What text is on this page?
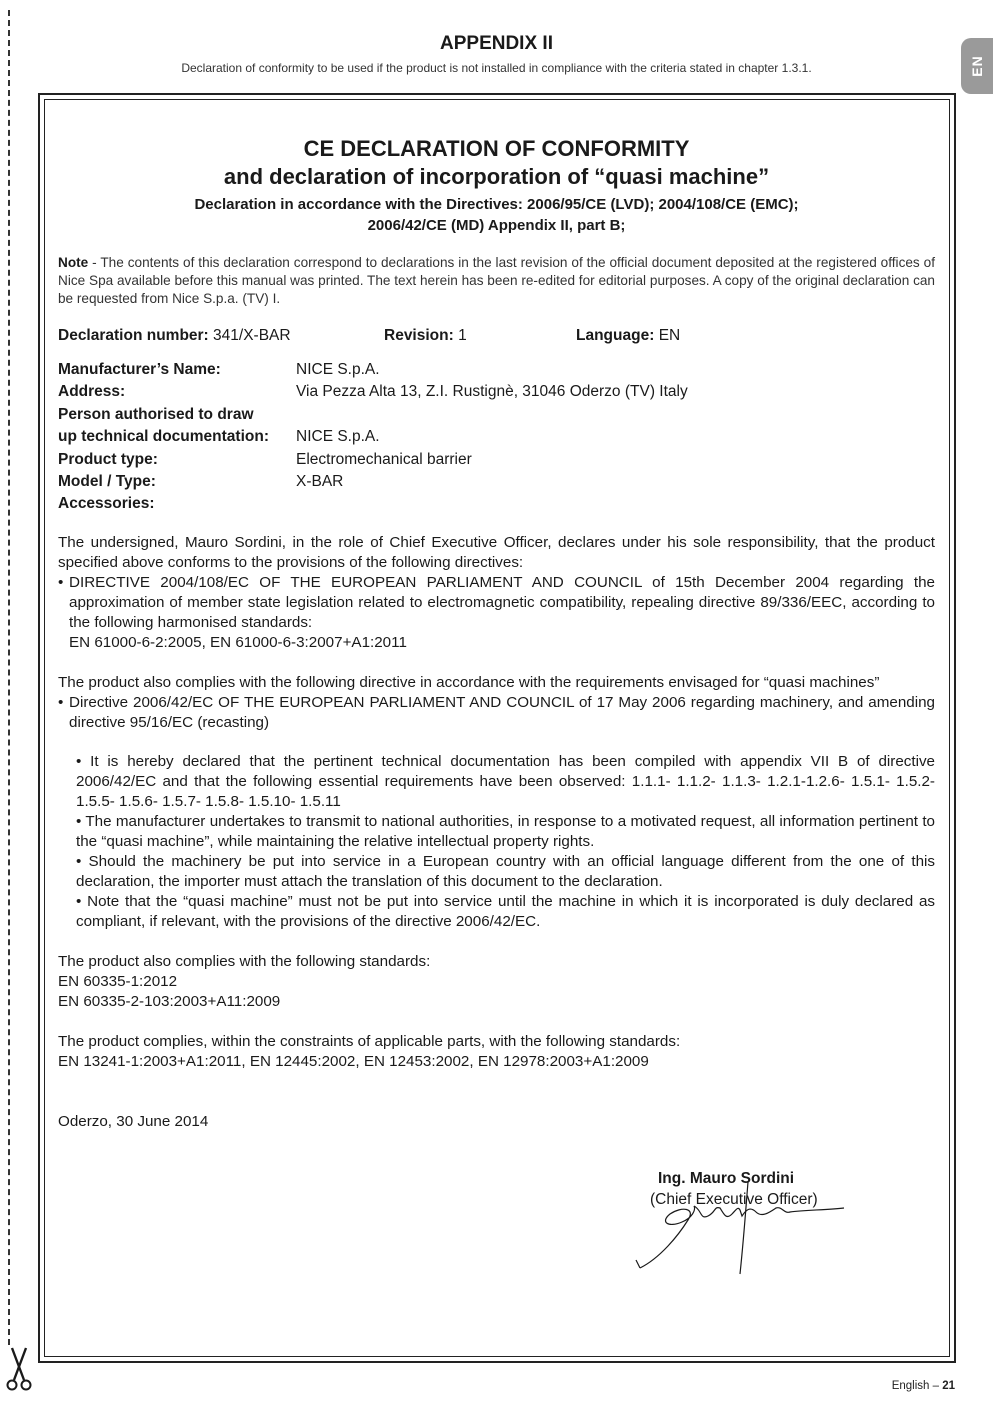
EN
APPENDIX II
Declaration of conformity to be used if the product is not installed in compliance with the criteria stated in chapter 1.3.1.
CE DECLARATION OF CONFORMITY
and declaration of incorporation of “quasi machine”
Declaration in accordance with the Directives: 2006/95/CE (LVD); 2004/108/CE (EMC);
2006/42/CE (MD) Appendix II, part B;
Note - The contents of this declaration correspond to declarations in the last revision of the official document deposited at the registered offices of Nice Spa available before this manual was printed. The text herein has been re-edited for editorial purposes. A copy of the original declaration can be requested from Nice S.p.a. (TV) I.
Declaration number: 341/X-BAR	Revision: 1	Language: EN
Manufacturer’s Name:	NICE S.p.A.
Address:	Via Pezza Alta 13, Z.I. Rustignè, 31046 Oderzo (TV) Italy
Person authorised to draw
up technical documentation:	NICE S.p.A.
Product type:	Electromechanical barrier
Model / Type:	X-BAR
Accessories:
The undersigned, Mauro Sordini, in the role of Chief Executive Officer, declares under his sole responsibility, that the product specified above conforms to the provisions of the following directives:
• DIRECTIVE 2004/108/EC OF THE EUROPEAN PARLIAMENT AND COUNCIL of 15th December 2004 regarding the approximation of member state legislation related to electromagnetic compatibility, repealing directive 89/336/EEC, according to the following harmonised standards:
EN 61000-6-2:2005, EN 61000-6-3:2007+A1:2011
The product also complies with the following directive in accordance with the requirements envisaged for “quasi machines”
• Directive 2006/42/EC OF THE EUROPEAN PARLIAMENT AND COUNCIL of 17 May 2006 regarding machinery, and amending directive 95/16/EC (recasting)
• It is hereby declared that the pertinent technical documentation has been compiled with appendix VII B of directive 2006/42/EC and that the following essential requirements have been observed: 1.1.1- 1.1.2- 1.1.3- 1.2.1-1.2.6- 1.5.1- 1.5.2- 1.5.5- 1.5.6- 1.5.7- 1.5.8- 1.5.10- 1.5.11
• The manufacturer undertakes to transmit to national authorities, in response to a motivated request, all information pertinent to the “quasi machine”, while maintaining the relative intellectual property rights.
• Should the machinery be put into service in a European country with an official language different from the one of this declaration, the importer must attach the translation of this document to the declaration.
• Note that the “quasi machine” must not be put into service until the machine in which it is incorporated is duly declared as compliant, if relevant, with the provisions of the directive 2006/42/EC.
The product also complies with the following standards:
EN 60335-1:2012
EN 60335-2-103:2003+A11:2009
The product complies, within the constraints of applicable parts, with the following standards:
EN 13241-1:2003+A1:2011, EN 12445:2002, EN 12453:2002, EN 12978:2003+A1:2009
Oderzo, 30 June 2014
Ing. Mauro Sordini
(Chief Executive Officer)
English – 21
